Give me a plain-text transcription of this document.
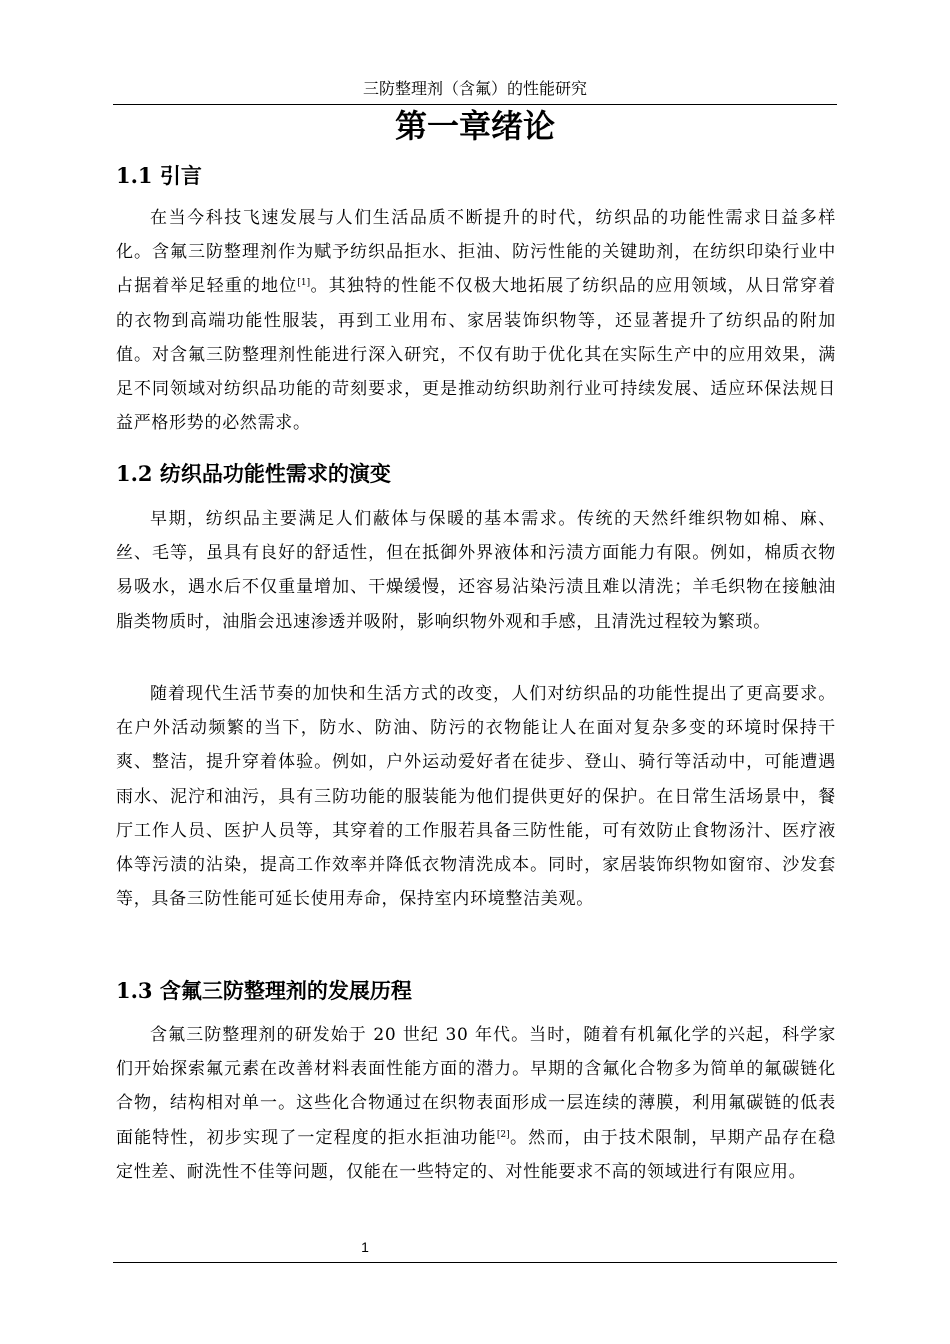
三防整理剂（含氟）的性能研究
第一章绪论
1.1 引言
在当今科技飞速发展与人们生活品质不断提升的时代，纺织品的功能性需求日益多样化。含氟三防整理剂作为赋予纺织品拒水、拒油、防污性能的关键助剂，在纺织印染行业中占据着举足轻重的地位[1]。其独特的性能不仅极大地拓展了纺织品的应用领域，从日常穿着的衣物到高端功能性服装，再到工业用布、家居装饰织物等，还显著提升了纺织品的附加值。对含氟三防整理剂性能进行深入研究，不仅有助于优化其在实际生产中的应用效果，满足不同领域对纺织品功能的苛刻要求，更是推动纺织助剂行业可持续发展、适应环保法规日益严格形势的必然需求。
1.2 纺织品功能性需求的演变
早期，纺织品主要满足人们蔽体与保暖的基本需求。传统的天然纤维织物如棉、麻、丝、毛等，虽具有良好的舒适性，但在抵御外界液体和污渍方面能力有限。例如，棉质衣物易吸水，遇水后不仅重量增加、干燥缓慢，还容易沾染污渍且难以清洗；羊毛织物在接触油脂类物质时，油脂会迅速渗透并吸附，影响织物外观和手感，且清洗过程较为繁琐。
随着现代生活节奏的加快和生活方式的改变，人们对纺织品的功能性提出了更高要求。在户外活动频繁的当下，防水、防油、防污的衣物能让人在面对复杂多变的环境时保持干爽、整洁，提升穿着体验。例如，户外运动爱好者在徒步、登山、骑行等活动中，可能遭遇雨水、泥泞和油污，具有三防功能的服装能为他们提供更好的保护。在日常生活场景中，餐厅工作人员、医护人员等，其穿着的工作服若具备三防性能，可有效防止食物汤汁、医疗液体等污渍的沾染，提高工作效率并降低衣物清洗成本。同时，家居装饰织物如窗帘、沙发套等，具备三防性能可延长使用寿命，保持室内环境整洁美观。
1.3 含氟三防整理剂的发展历程
含氟三防整理剂的研发始于 20 世纪 30 年代。当时，随着有机氟化学的兴起，科学家们开始探索氟元素在改善材料表面性能方面的潜力。早期的含氟化合物多为简单的氟碳链化合物，结构相对单一。这些化合物通过在织物表面形成一层连续的薄膜，利用氟碳链的低表面能特性，初步实现了一定程度的拒水拒油功能[2]。然而，由于技术限制，早期产品存在稳定性差、耐洗性不佳等问题，仅能在一些特定的、对性能要求不高的领域进行有限应用。
1
